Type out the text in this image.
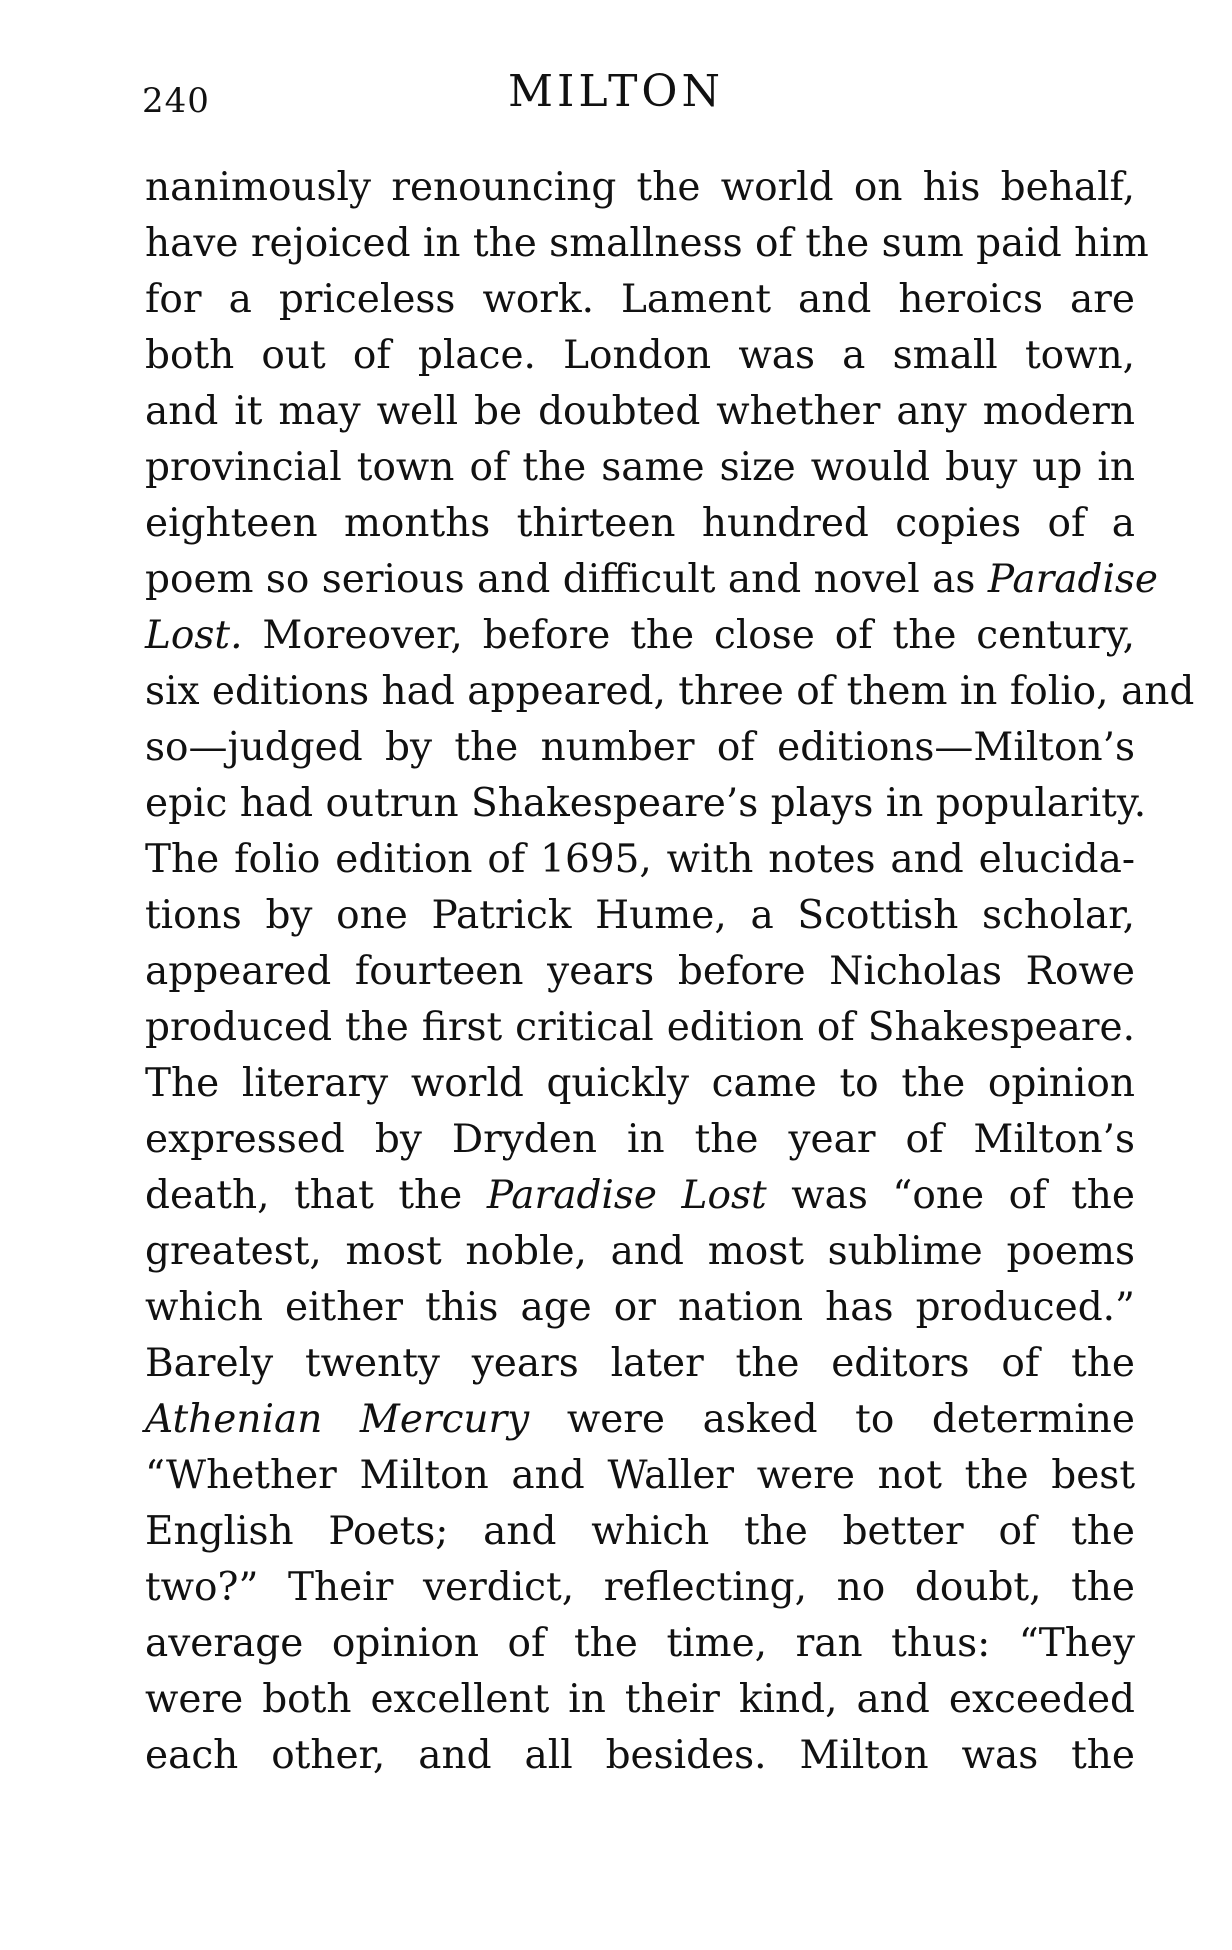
240	MILTON
nanimously renouncing the world on his behalf,
have rejoiced in the smallness of the sum paid him
for a priceless work. Lament and heroics are
both out of place. London was a small town,
and it may well be doubted whether any modern
provincial town of the same size would buy up in
eighteen months thirteen hundred copies of a
poem so serious and difficult and novel as Paradise
Lost. Moreover, before the close of the century,
six editions had appeared, three of them in folio, and
so—judged by the number of editions—Milton’s
epic had outrun Shakespeare’s plays in popularity.
The folio edition of 1695, with notes and elucida-
tions by one Patrick Hume, a Scottish scholar,
appeared fourteen years before Nicholas Rowe
produced the first critical edition of Shakespeare.
The literary world quickly came to the opinion
expressed by Dryden in the year of Milton’s
death, that the Paradise Lost was “one of the
greatest, most noble, and most sublime poems
which either this age or nation has produced.”
Barely twenty years later the editors of the
Athenian Mercury were asked to determine
“Whether Milton and Waller were not the best
English Poets; and which the better of the
two?” Their verdict, reflecting, no doubt, the
average opinion of the time, ran thus: “They
were both excellent in their kind, and exceeded
each other, and all besides. Milton was the
